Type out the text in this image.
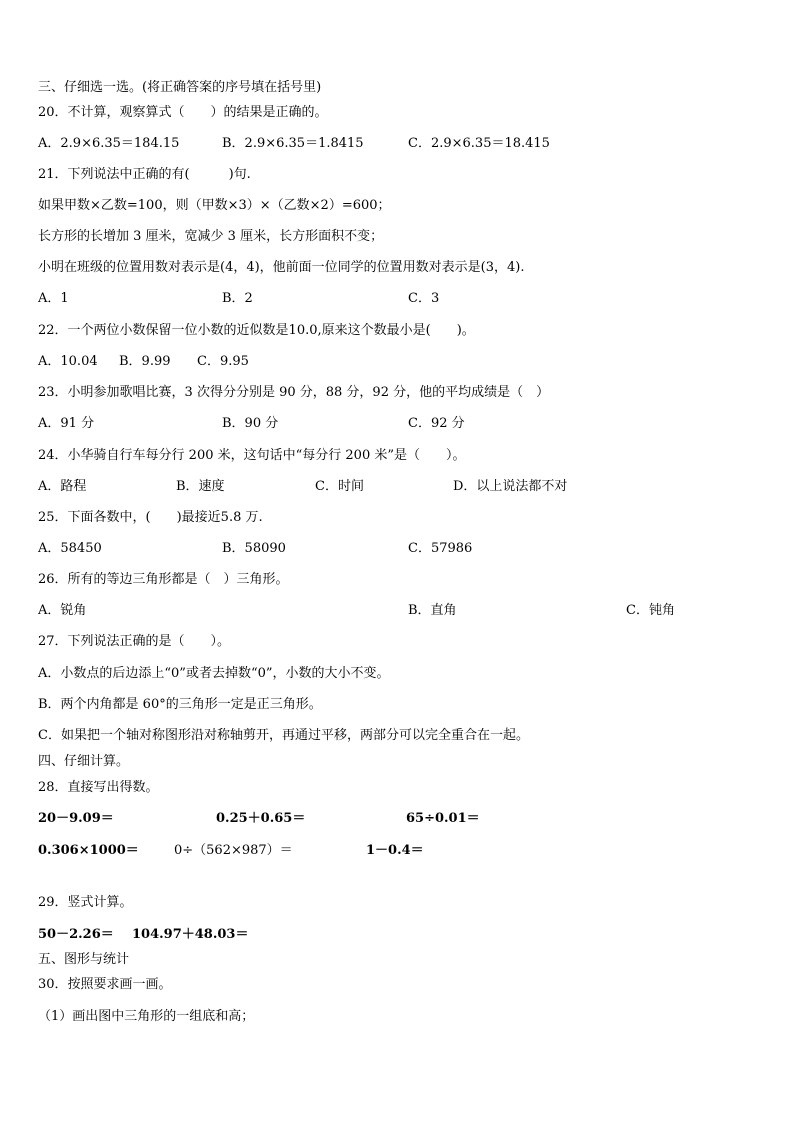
三、仔细选一选。(将正确答案的序号填在括号里)
20．不计算，观察算式（　　）的结果是正确的。
A．2.9×6.35＝184.15	B．2.9×6.35＝1.8415	C．2.9×6.35＝18.415
21．下列说法中正确的有(　　　)句.
如果甲数×乙数=100，则（甲数×3）×（乙数×2）=600；
长方形的长增加 3 厘米，宽减少 3 厘米，长方形面积不变；
小明在班级的位置用数对表示是(4，4)，他前面一位同学的位置用数对表示是(3，4).
A．1	B．2	C．3
22．一个两位小数保留一位小数的近似数是10.0,原来这个数最小是(　　)。
A．10.04 B．9.99 C．9.95
23．小明参加歌唱比赛，3 次得分分别是 90 分，88 分，92 分，他的平均成绩是（　）
A．91 分	B．90 分	C．92 分
24．小华骑自行车每分行 200 米，这句话中“每分行 200 米”是（　　）。
A．路程	B．速度	C．时间	D．以上说法都不对
25．下面各数中，(　　)最接近5.8 万.
A．58450	B．58090	C．57986
26．所有的等边三角形都是（　）三角形。
A．锐角	B．直角	C．钝角
27．下列说法正确的是（　　）。
A．小数点的后边添上“0”或者去掉数“0”，小数的大小不变。
B．两个内角都是 60°的三角形一定是正三角形。
C．如果把一个轴对称图形沿对称轴剪开，再通过平移，两部分可以完全重合在一起。
四、仔细计算。
28．直接写出得数。
20－9.09＝	0.25＋0.65＝	65÷0.01＝
0.306×1000＝	0÷（562×987）＝	1－0.4＝
29．竖式计算。
50－2.26＝ 104.97＋48.03＝
五、图形与统计
30．按照要求画一画。
（1）画出图中三角形的一组底和高；
